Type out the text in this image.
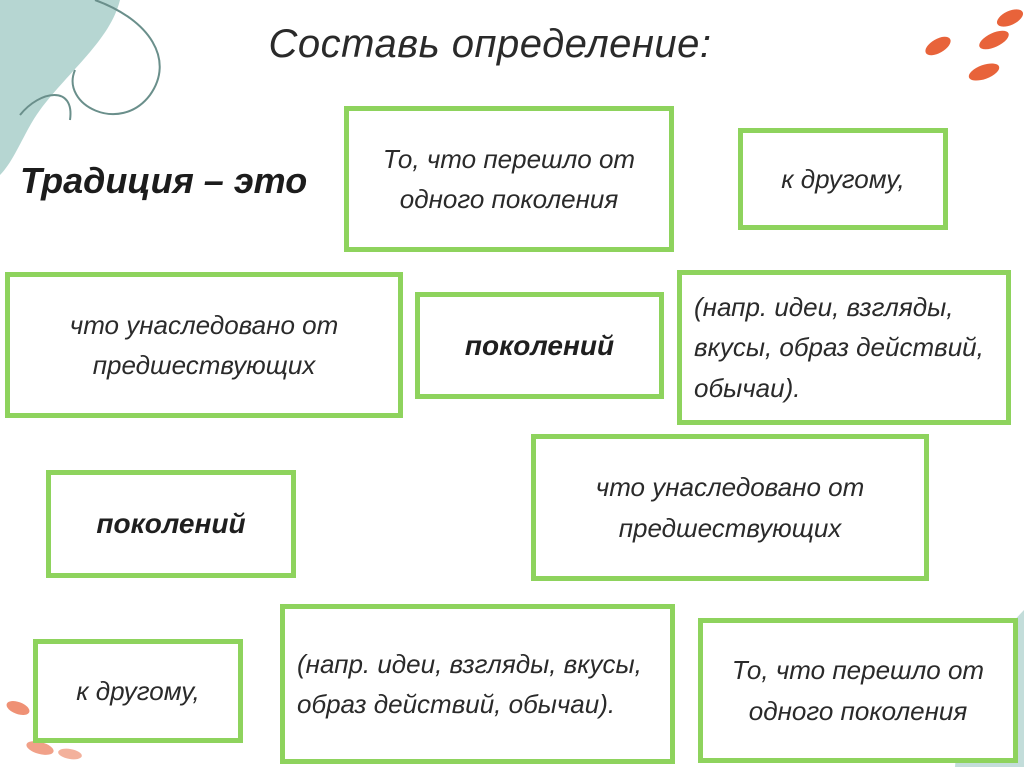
Составь определение:
Традиция – это
То, что перешло от одного поколения
к другому,
что унаследовано от предшествующих
поколений
(напр. идеи, взгляды, вкусы, образ действий, обычаи).
поколений
что унаследовано от предшествующих
(напр. идеи, взгляды, вкусы, образ действий, обычаи).
к другому,
То, что перешло от одного поколения
